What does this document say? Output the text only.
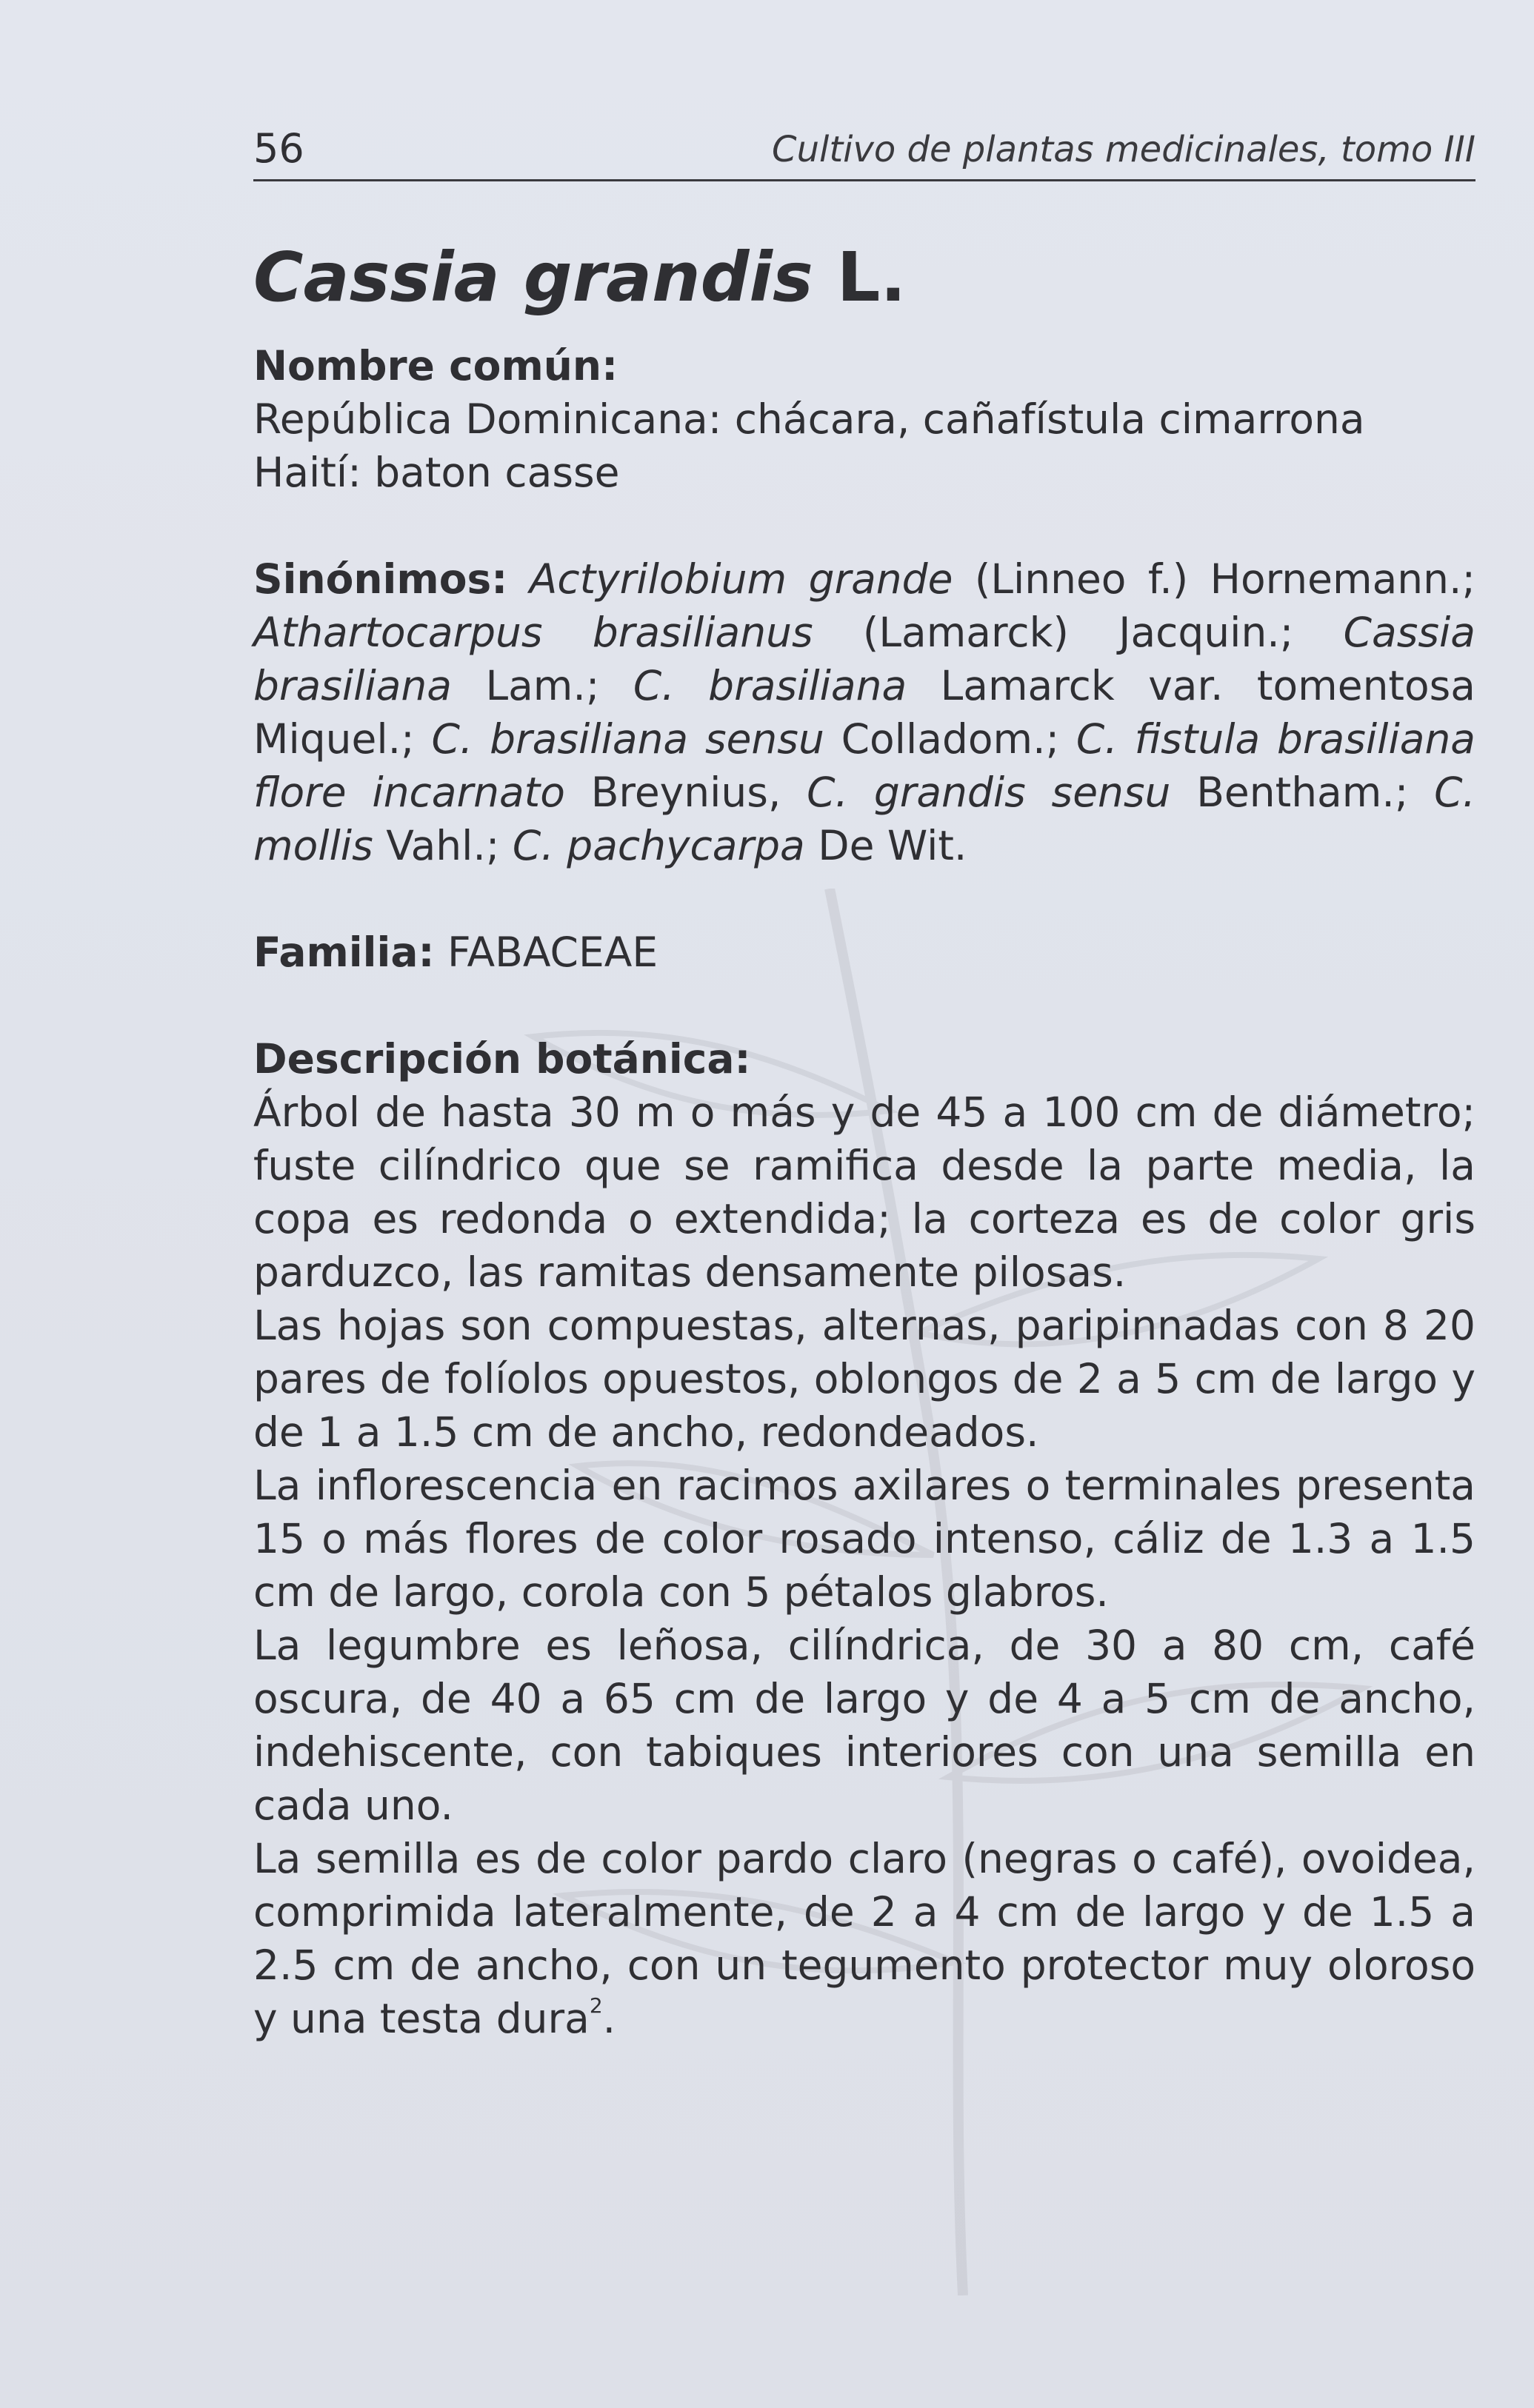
56	Cultivo de plantas medicinales, tomo III
Cassia grandis L.

Nombre común:

República Dominicana: chácara, cañafístula cimarrona

Haití: baton casse

Sinónimos: Actyrilobium grande (Linneo f.) Hornemann.; Athartocarpus brasilianus (Lamarck) Jacquin.; Cassia brasiliana Lam.; C. brasiliana Lamarck var. tomentosa Miquel.; C. brasiliana sensu Colladom.; C. fistula brasiliana flore incarnato Breynius, C. grandis sensu Bentham.; C. mollis Vahl.; C. pachycarpa De Wit.

Familia: FABACEAE

Descripción botánica:

Árbol de hasta 30 m o más y de 45 a 100 cm de diámetro; fuste cilíndrico que se ramifica desde la parte media, la copa es redonda o extendida; la corteza es de color gris parduzco, las ramitas densamente pilosas.

Las hojas son compuestas, alternas, paripinnadas con 8 20 pares de folíolos opuestos, oblongos de 2 a 5 cm de largo y de 1 a 1.5 cm de ancho, redondeados.

La inflorescencia en racimos axilares o terminales presenta 15 o más flores de color rosado intenso, cáliz de 1.3 a 1.5 cm de largo, corola con 5 pétalos glabros.

La legumbre es leñosa, cilíndrica, de 30 a 80 cm, café oscura, de 40 a 65 cm de largo y de 4 a 5 cm de ancho, indehiscente, con tabiques interiores con una semilla en cada uno.

La semilla es de color pardo claro (negras o café), ovoidea, comprimida lateralmente, de 2 a 4 cm de largo y de 1.5 a 2.5 cm de ancho, con un tegumento protector muy oloroso y una testa dura$^2$.
